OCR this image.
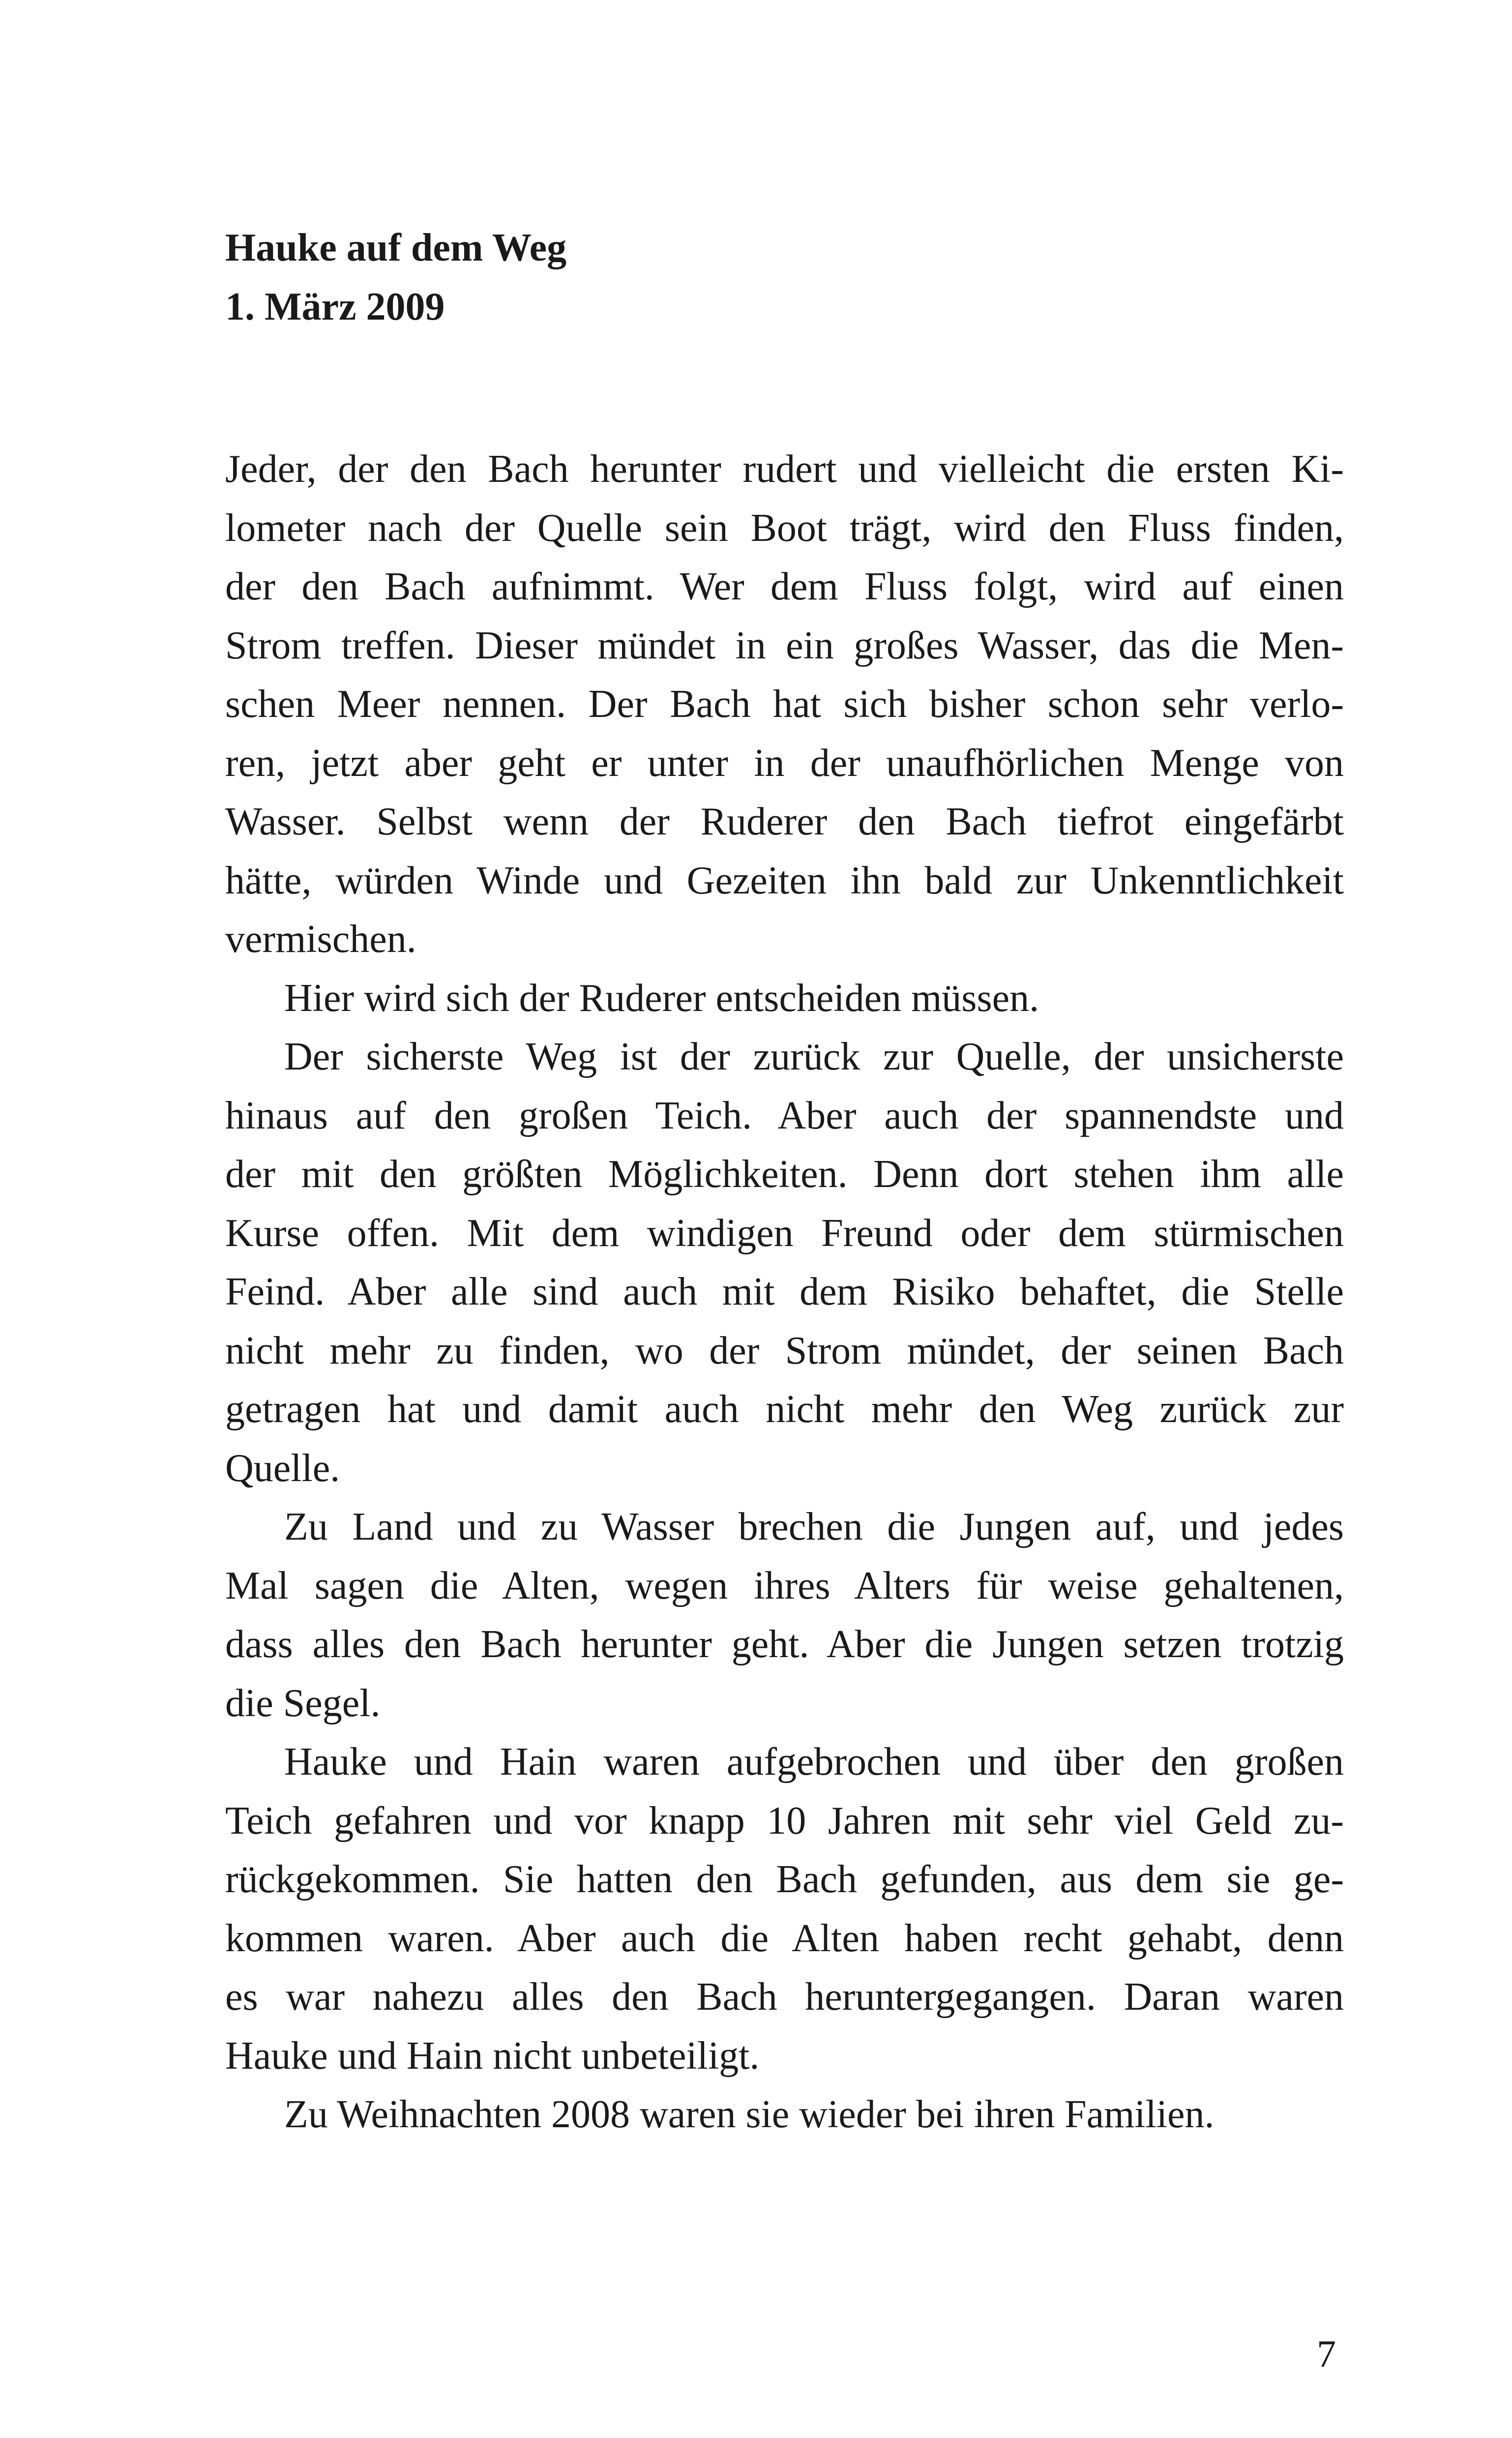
Hauke auf dem Weg
1. März 2009
Jeder, der den Bach herunter rudert und vielleicht die ersten Ki-
lometer nach der Quelle sein Boot trägt, wird den Fluss finden,
der den Bach aufnimmt. Wer dem Fluss folgt, wird auf einen
Strom treffen. Dieser mündet in ein großes Wasser, das die Men-
schen Meer nennen. Der Bach hat sich bisher schon sehr verlo-
ren, jetzt aber geht er unter in der unaufhörlichen Menge von
Wasser. Selbst wenn der Ruderer den Bach tiefrot eingefärbt
hätte, würden Winde und Gezeiten ihn bald zur Unkenntlichkeit
vermischen.
Hier wird sich der Ruderer entscheiden müssen.
Der sicherste Weg ist der zurück zur Quelle, der unsicherste
hinaus auf den großen Teich. Aber auch der spannendste und
der mit den größten Möglichkeiten. Denn dort stehen ihm alle
Kurse offen. Mit dem windigen Freund oder dem stürmischen
Feind. Aber alle sind auch mit dem Risiko behaftet, die Stelle
nicht mehr zu finden, wo der Strom mündet, der seinen Bach
getragen hat und damit auch nicht mehr den Weg zurück zur
Quelle.
Zu Land und zu Wasser brechen die Jungen auf, und jedes
Mal sagen die Alten, wegen ihres Alters für weise gehaltenen,
dass alles den Bach herunter geht. Aber die Jungen setzen trotzig
die Segel.
Hauke und Hain waren aufgebrochen und über den großen
Teich gefahren und vor knapp 10 Jahren mit sehr viel Geld zu-
rückgekommen. Sie hatten den Bach gefunden, aus dem sie ge-
kommen waren. Aber auch die Alten haben recht gehabt, denn
es war nahezu alles den Bach heruntergegangen. Daran waren
Hauke und Hain nicht unbeteiligt.
Zu Weihnachten 2008 waren sie wieder bei ihren Familien.

7
